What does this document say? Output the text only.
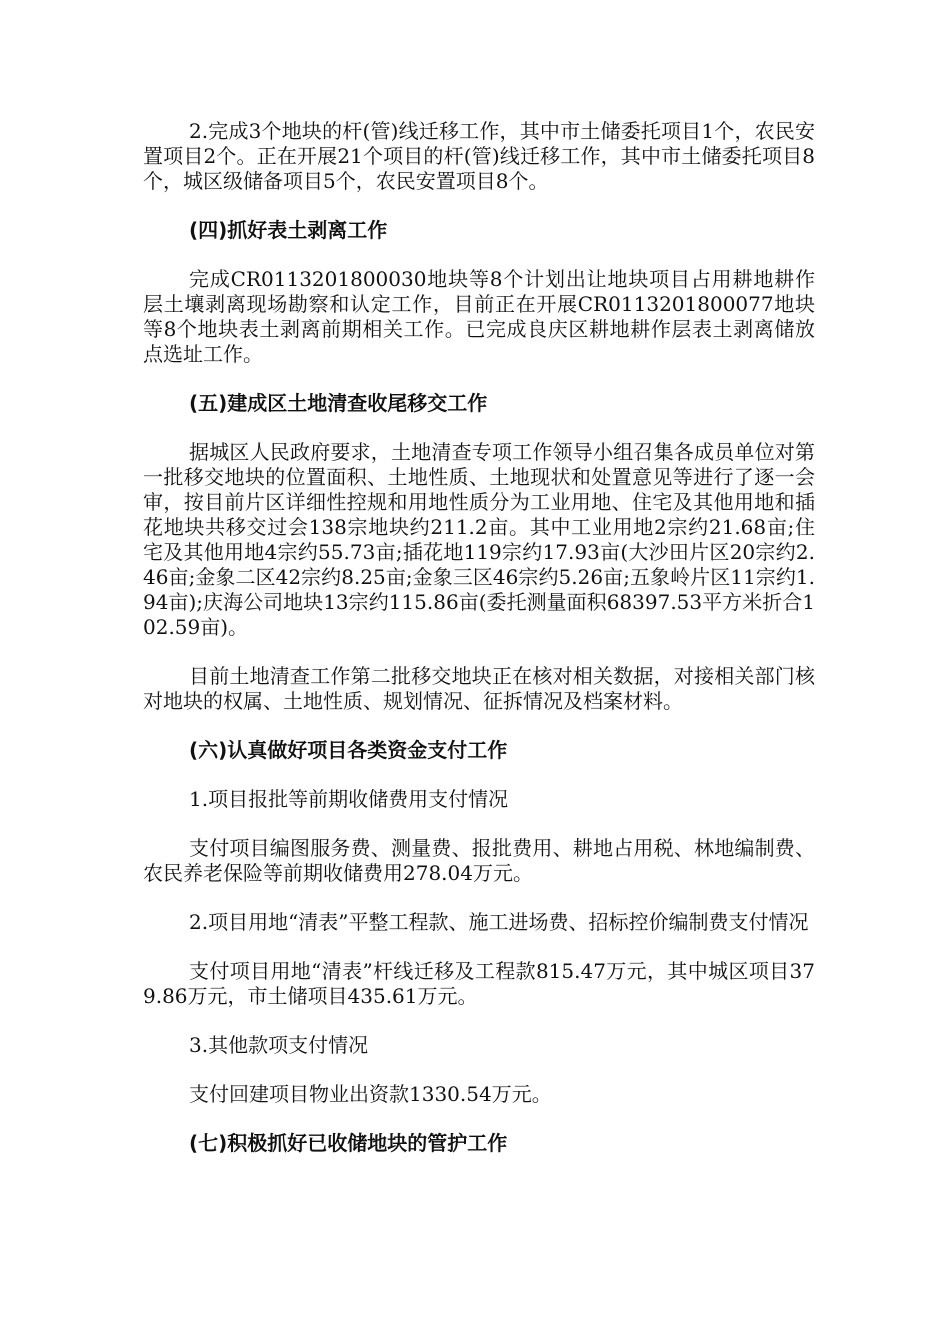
2.完成3个地块的杆(管)线迁移工作，其中市土储委托项目1个，农民安置项目2个。正在开展21个项目的杆(管)线迁移工作，其中市土储委托项目8个，城区级储备项目5个，农民安置项目8个。

(四)抓好表土剥离工作

完成CR0113201800030地块等8个计划出让地块项目占用耕地耕作层土壤剥离现场勘察和认定工作，目前正在开展CR0113201800077地块等8个地块表土剥离前期相关工作。已完成良庆区耕地耕作层表土剥离储放点选址工作。

(五)建成区土地清查收尾移交工作

据城区人民政府要求，土地清查专项工作领导小组召集各成员单位对第一批移交地块的位置面积、土地性质、土地现状和处置意见等进行了逐一会审，按目前片区详细性控规和用地性质分为工业用地、住宅及其他用地和插花地块共移交过会138宗地块约211.2亩。其中工业用地2宗约21.68亩;住宅及其他用地4宗约55.73亩;插花地119宗约17.93亩(大沙田片区20宗约2.46亩;金象二区42宗约8.25亩;金象三区46宗约5.26亩;五象岭片区11宗约1.94亩);庆海公司地块13宗约115.86亩(委托测量面积68397.53平方米折合102.59亩)。

目前土地清查工作第二批移交地块正在核对相关数据，对接相关部门核对地块的权属、土地性质、规划情况、征拆情况及档案材料。

(六)认真做好项目各类资金支付工作

1.项目报批等前期收储费用支付情况

支付项目编图服务费、测量费、报批费用、耕地占用税、林地编制费、农民养老保险等前期收储费用278.04万元。

2.项目用地“清表”平整工程款、施工进场费、招标控价编制费支付情况

支付项目用地“清表”杆线迁移及工程款815.47万元，其中城区项目379.86万元，市土储项目435.61万元。

3.其他款项支付情况

支付回建项目物业出资款1330.54万元。

(七)积极抓好已收储地块的管护工作
